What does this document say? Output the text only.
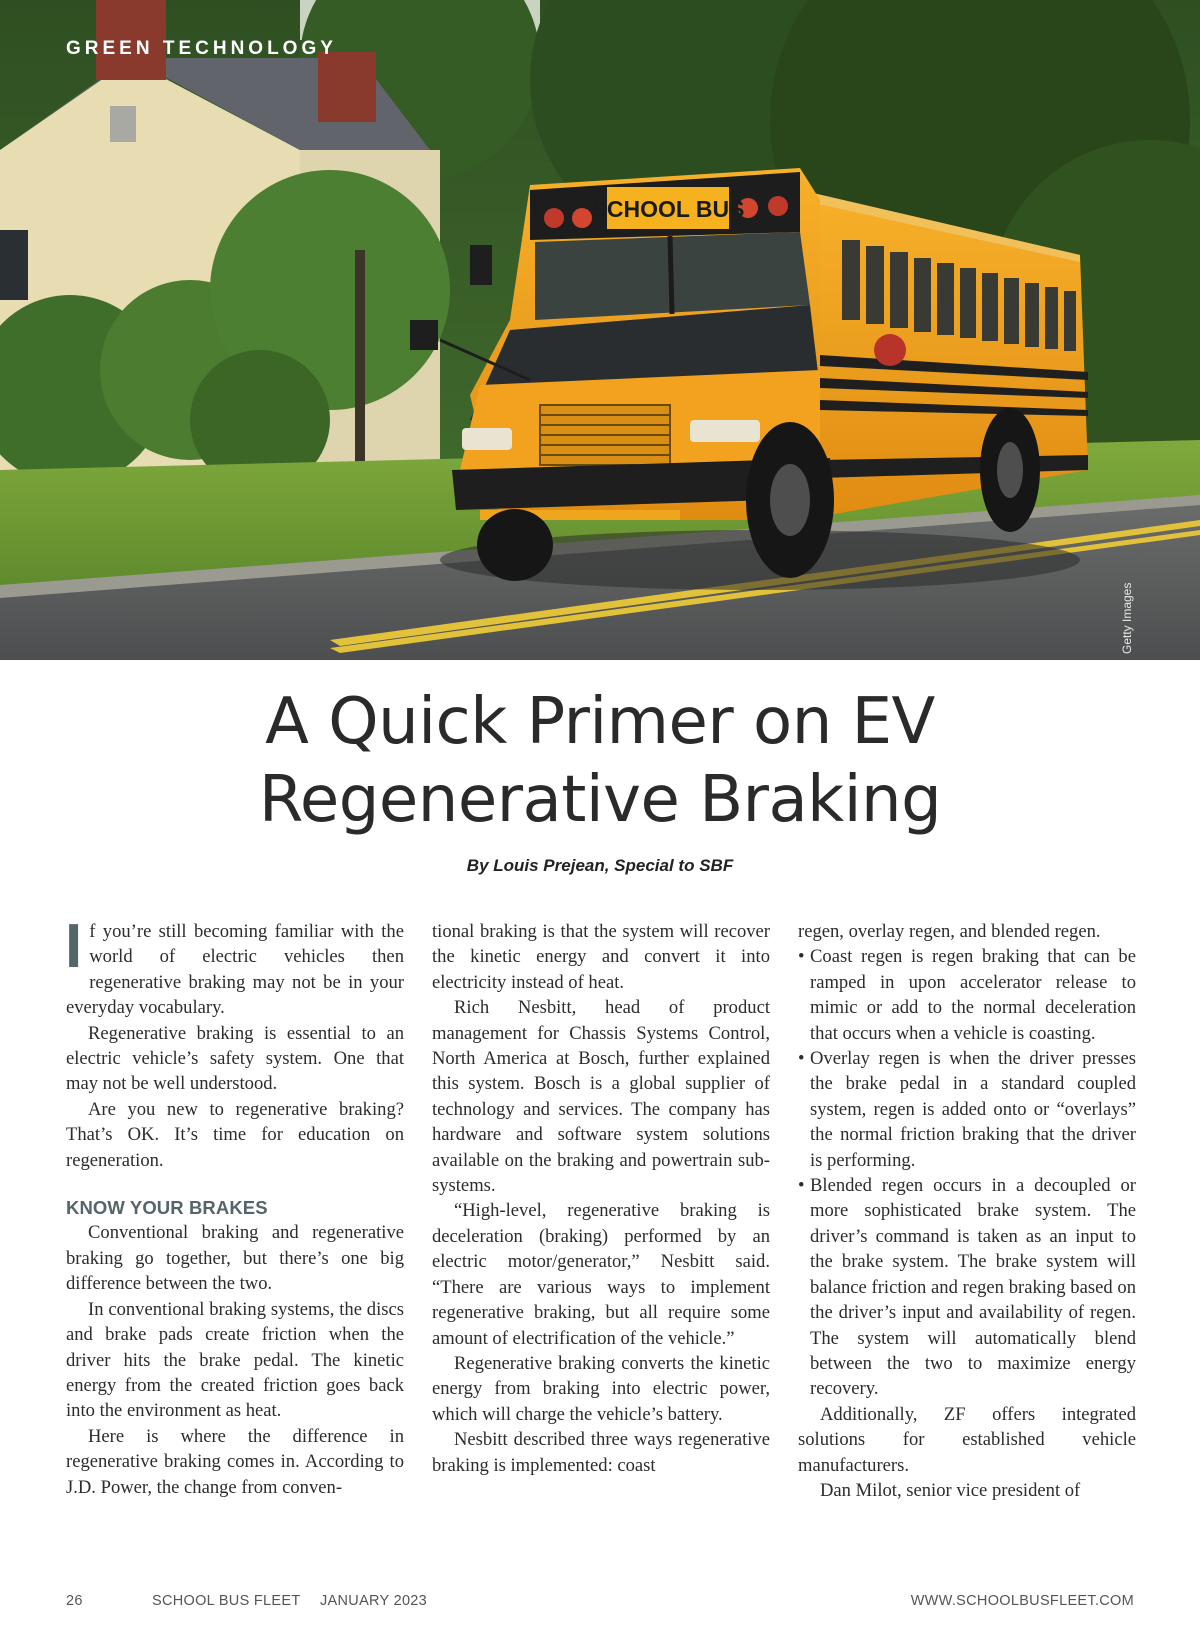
SCHOOL BUS
GREEN TECHNOLOGY
Getty Images
A Quick Primer on EV
Regenerative Braking
By Louis Prejean, Special to SBF
If you’re still becoming familiar with the world of electric vehicles then regenerative braking may not be in your everyday vocabulary.
Regenerative braking is essential to an electric vehicle’s safety system. One that may not be well understood.
Are you new to regenerative braking? That’s OK. It’s time for education on regeneration.
KNOW YOUR BRAKES
Conventional braking and regenerative braking go together, but there’s one big difference between the two.
In conventional braking systems, the discs and brake pads create friction when the driver hits the brake pedal. The kinetic energy from the created friction goes back into the environment as heat.
Here is where the difference in regenerative braking comes in. According to J.D. Power, the change from conven-
tional braking is that the system will recover the kinetic energy and convert it into electricity instead of heat.
Rich Nesbitt, head of product management for Chassis Systems Control, North America at Bosch, further explained this system. Bosch is a global supplier of technology and services. The company has hardware and software system solutions available on the braking and powertrain sub-systems.
“High-level, regenerative braking is deceleration (braking) performed by an electric motor/generator,” Nesbitt said. “There are various ways to implement regenerative braking, but all require some amount of electrification of the vehicle.”
Regenerative braking converts the kinetic energy from braking into electric power, which will charge the vehicle’s battery.
Nesbitt described three ways regenerative braking is implemented: coast
regen, overlay regen, and blended regen.
• Coast regen is regen braking that can be ramped in upon accelerator release to mimic or add to the normal deceleration that occurs when a vehicle is coasting.
• Overlay regen is when the driver presses the brake pedal in a standard coupled system, regen is added onto or “overlays” the normal friction braking that the driver is performing.
• Blended regen occurs in a decoupled or more sophisticated brake system. The driver’s command is taken as an input to the brake system. The brake system will balance friction and regen braking based on the driver’s input and availability of regen. The system will automatically blend between the two to maximize energy recovery.
Additionally, ZF offers integrated solutions for established vehicle manufacturers.
Dan Milot, senior vice president of
26	SCHOOL BUS FLEET JANUARY 2023	WWW.SCHOOLBUSFLEET.COM
